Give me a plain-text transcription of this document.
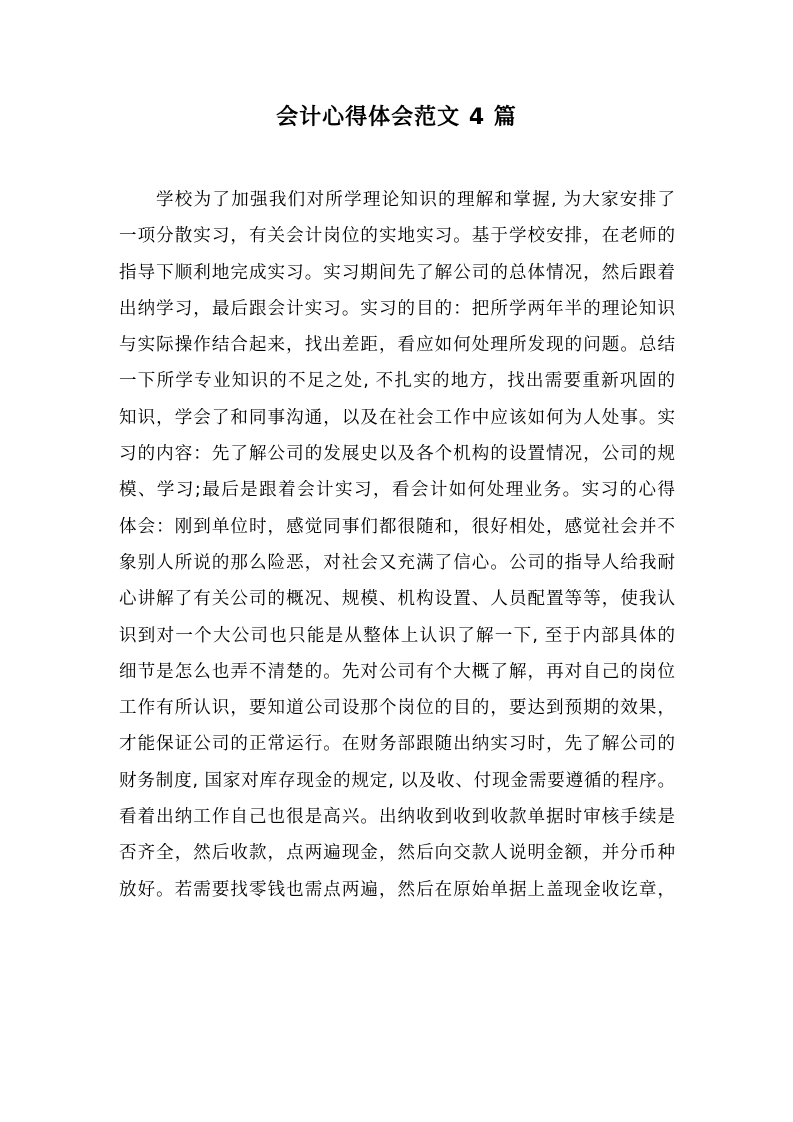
会计心得体会范文 4 篇
学校为了加强我们对所学理论知识的理解和掌握, 为大家安排了
一项分散实习，有关会计岗位的实地实习。基于学校安排，在老师的
指导下顺利地完成实习。实习期间先了解公司的总体情况，然后跟着
出纳学习，最后跟会计实习。实习的目的：把所学两年半的理论知识
与实际操作结合起来，找出差距，看应如何处理所发现的问题。总结
一下所学专业知识的不足之处, 不扎实的地方，找出需要重新巩固的
知识，学会了和同事沟通，以及在社会工作中应该如何为人处事。实
习的内容：先了解公司的发展史以及各个机构的设置情况，公司的规
模、学习;最后是跟着会计实习，看会计如何处理业务。实习的心得
体会：刚到单位时，感觉同事们都很随和，很好相处，感觉社会并不
象别人所说的那么险恶，对社会又充满了信心。公司的指导人给我耐
心讲解了有关公司的概况、规模、机构设置、人员配置等等，使我认
识到对一个大公司也只能是从整体上认识了解一下, 至于内部具体的
细节是怎么也弄不清楚的。先对公司有个大概了解，再对自己的岗位
工作有所认识，要知道公司设那个岗位的目的，要达到预期的效果，
才能保证公司的正常运行。在财务部跟随出纳实习时，先了解公司的
财务制度, 国家对库存现金的规定, 以及收、付现金需要遵循的程序。
看着出纳工作自己也很是高兴。出纳收到收到收款单据时审核手续是
否齐全，然后收款，点两遍现金，然后向交款人说明金额，并分币种
放好。若需要找零钱也需点两遍，然后在原始单据上盖现金收讫章，
